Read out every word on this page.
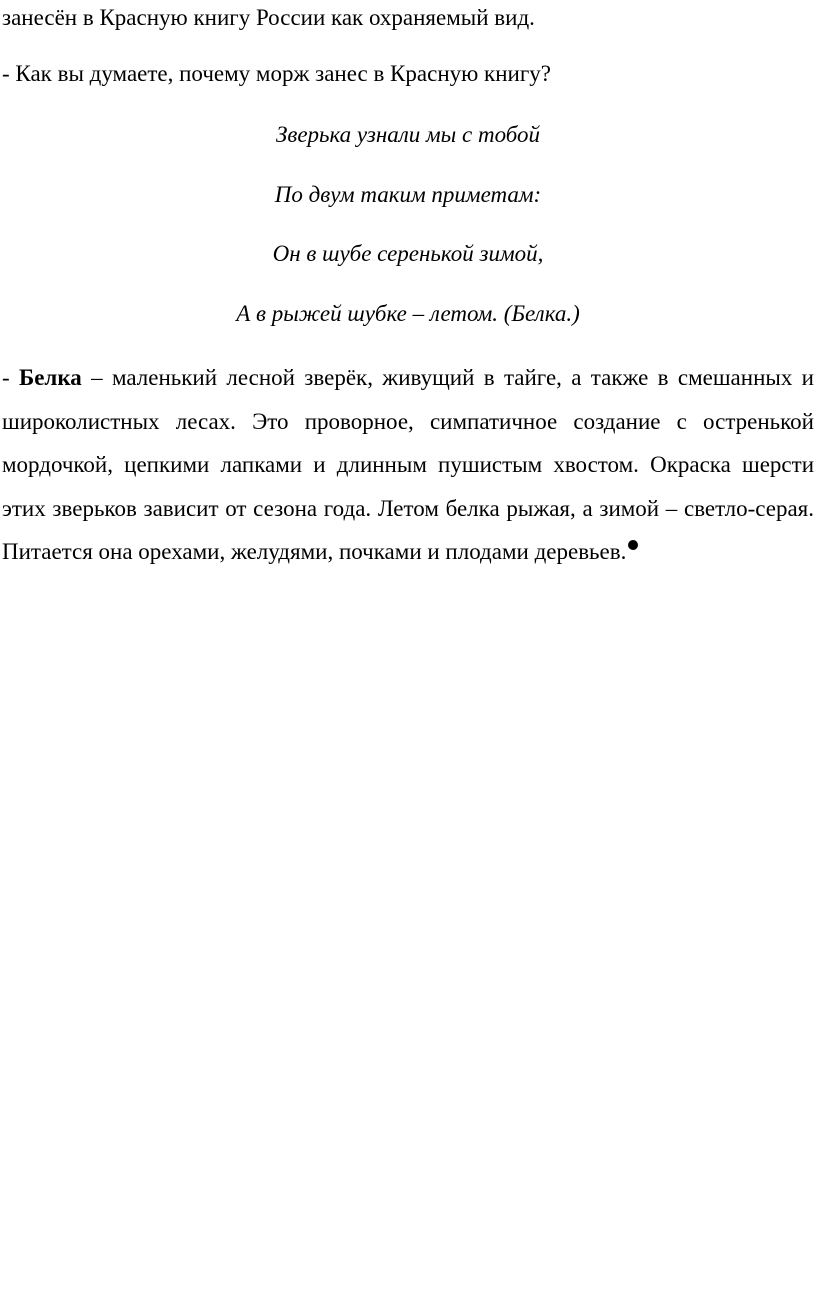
занесён в Красную книгу России как охраняемый вид.

- Как вы думаете, почему морж занес в Красную книгу?

Зверька узнали мы с тобой

По двум таким приметам:

Он в шубе серенькой зимой,

А в рыжей шубке – летом. (Белка.)

- Белка – маленький лесной зверёк, живущий в тайге, а также в смешанных и широколистных лесах. Это проворное, симпатичное создание с остренькой мордочкой, цепкими лапками и длинным пушистым хвостом. Окраска шерсти этих зверьков зависит от сезона года. Летом белка рыжая, а зимой – светло-серая. Питается она орехами, желудями, почками и плодами деревьев.
